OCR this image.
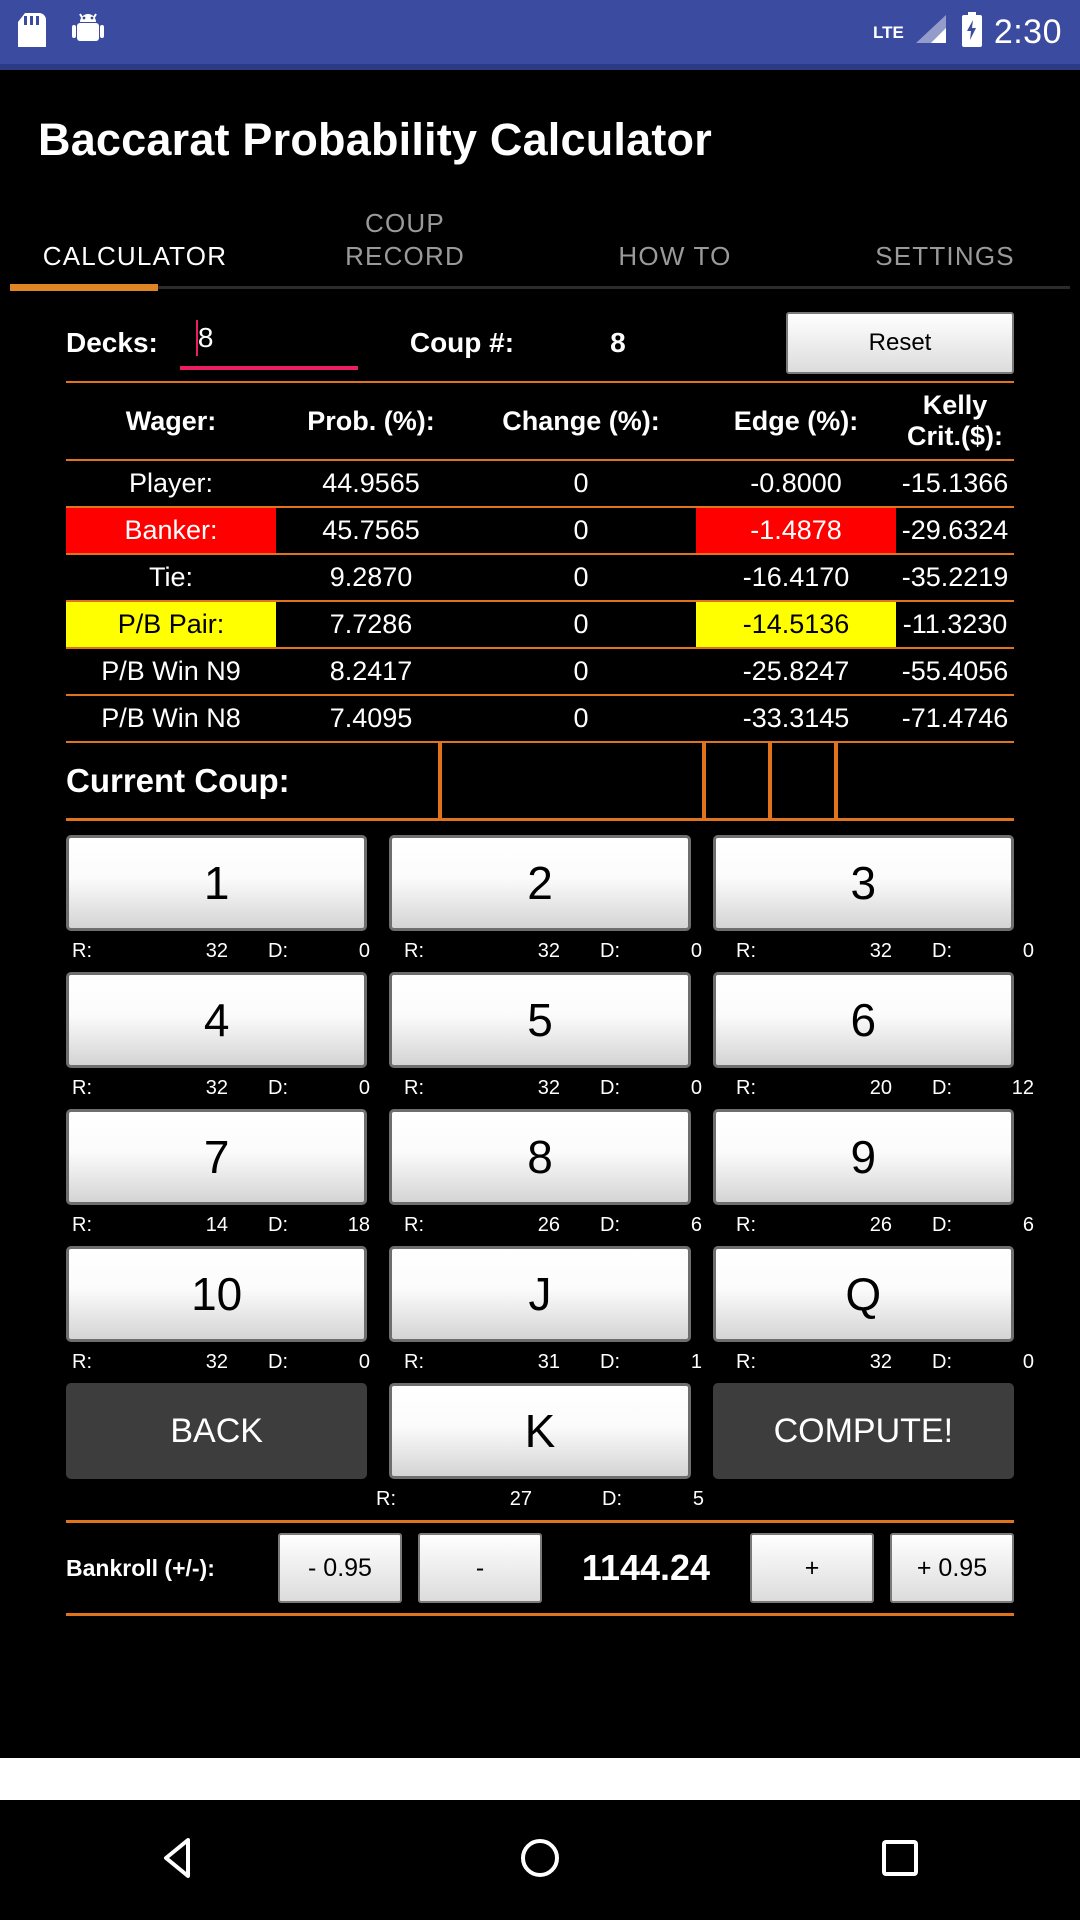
LTE	2:30
Baccarat Probability Calculator
CALCULATOR
COUP
RECORD	HOW TO	SETTINGS
Decks:	8	Coup #:	8	Reset
Wager:	Prob. (%):	Change (%):	Edge (%):	Kelly Crit.($):
Player:	44.9565	0	-0.8000	-15.1366
Banker:	45.7565	0	-1.4878	-29.6324
Tie:	9.2870	0	-16.4170	-35.2219
P/B Pair:	7.7286	0	-14.5136	-11.3230
P/B Win N9	8.2417	0	-25.8247	-55.4056
P/B Win N8	7.4095	0	-33.3145	-71.4746
Current Coup:
1	2	3
R:	32	D:	0 R:	32	D:	0 R:	32	D:	0
4	5	6
R:	32	D:	0 R:	32	D:	0 R:	20	D:	12
7	8	9
R:	14	D:	18 R:	26	D:	6 R:	26	D:	6
10	J	Q
R:	32	D:	0 R:	31	D:	1 R:	32	D:	0
BACK	K	COMPUTE!
R:	27	D:	5
Bankroll (+/-):	- 0.95	-	1144.24	+	+ 0.95
